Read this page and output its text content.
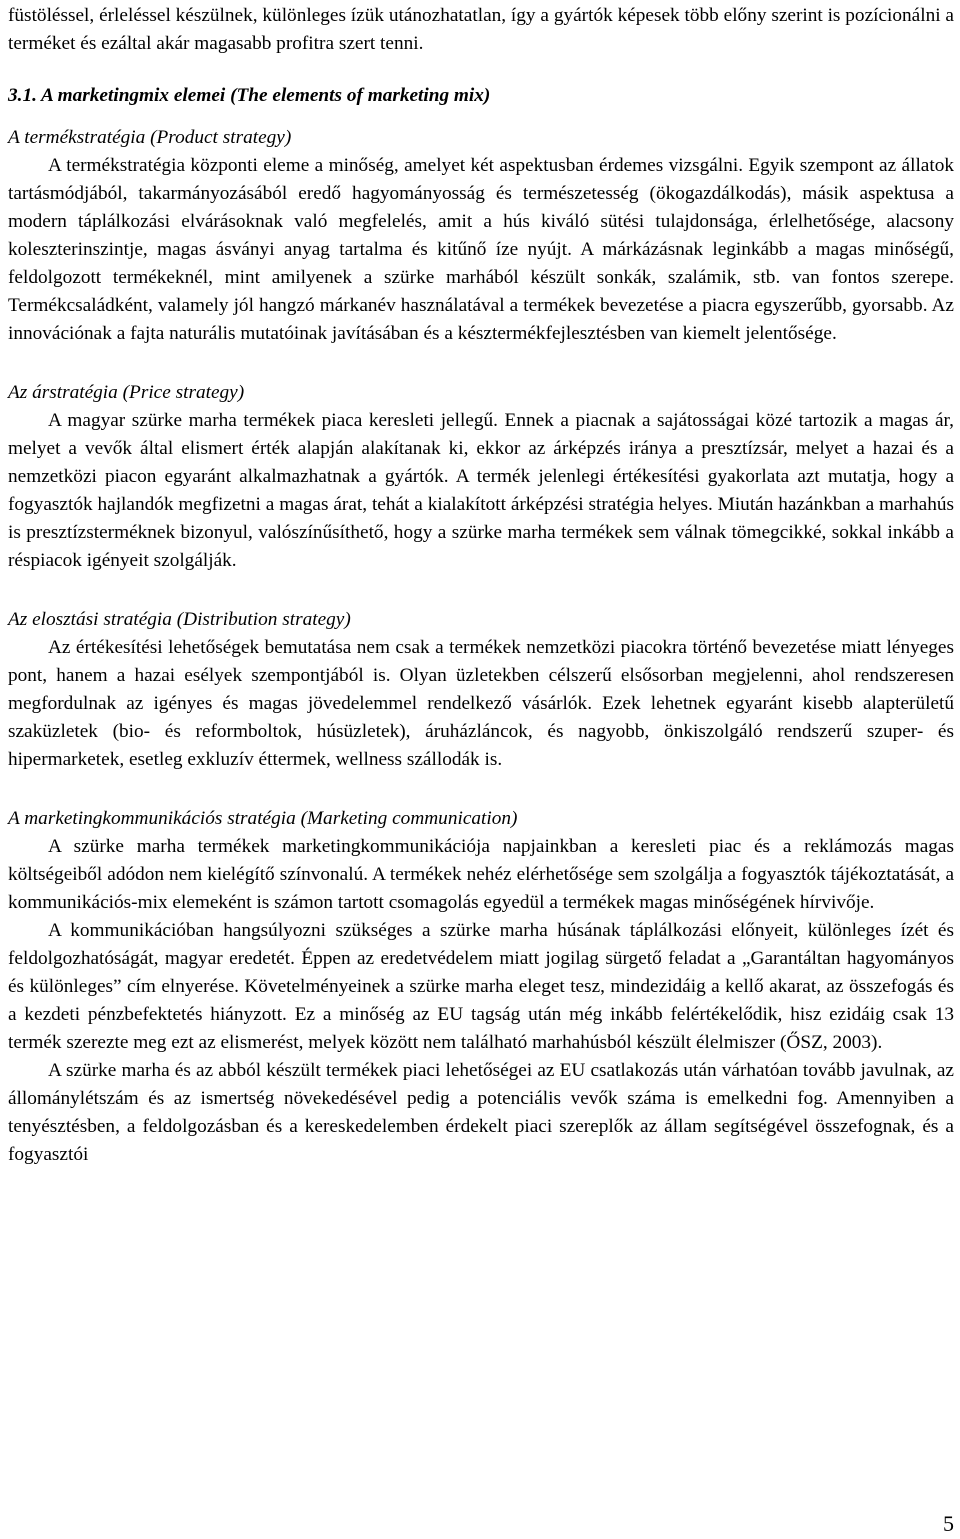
füstöléssel, érleléssel készülnek, különleges ízük utánozhatatlan, így a gyártók képesek több előny szerint is pozícionálni a terméket és ezáltal akár magasabb profitra szert tenni.

3.1. A marketingmix elemei (The elements of marketing mix)

A termékstratégia (Product strategy)

A termékstratégia központi eleme a minőség, amelyet két aspektusban érdemes vizsgálni. Egyik szempont az állatok tartásmódjából, takarmányozásából eredő hagyományosság és természetesség (ökogazdálkodás), másik aspektusa a modern táplálkozási elvárásoknak való megfelelés, amit a hús kiváló sütési tulajdonsága, érlelhetősége, alacsony koleszterinszintje, magas ásványi anyag tartalma és kitűnő íze nyújt. A márkázásnak leginkább a magas minőségű, feldolgozott termékeknél, mint amilyenek a szürke marhából készült sonkák, szalámik, stb. van fontos szerepe. Termékcsaládként, valamely jól hangzó márkanév használatával a termékek bevezetése a piacra egyszerűbb, gyorsabb. Az innovációnak a fajta naturális mutatóinak javításában és a késztermékfejlesztésben van kiemelt jelentősége.

Az árstratégia (Price strategy)

A magyar szürke marha termékek piaca keresleti jellegű. Ennek a piacnak a sajátosságai közé tartozik a magas ár, melyet a vevők által elismert érték alapján alakítanak ki, ekkor az árképzés iránya a presztízsár, melyet a hazai és a nemzetközi piacon egyaránt alkalmazhatnak a gyártók. A termék jelenlegi értékesítési gyakorlata azt mutatja, hogy a fogyasztók hajlandók megfizetni a magas árat, tehát a kialakított árképzési stratégia helyes. Miután hazánkban a marhahús is presztízsterméknek bizonyul, valószínűsíthető, hogy a szürke marha termékek sem válnak tömegcikké, sokkal inkább a réspiacok igényeit szolgálják.

Az elosztási stratégia (Distribution strategy)

Az értékesítési lehetőségek bemutatása nem csak a termékek nemzetközi piacokra történő bevezetése miatt lényeges pont, hanem a hazai esélyek szempontjából is. Olyan üzletekben célszerű elsősorban megjelenni, ahol rendszeresen megfordulnak az igényes és magas jövedelemmel rendelkező vásárlók. Ezek lehetnek egyaránt kisebb alapterületű szaküzletek (bio- és reformboltok, húsüzletek), áruházláncok, és nagyobb, önkiszolgáló rendszerű szuper- és hipermarketek, esetleg exkluzív éttermek, wellness szállodák is.

A marketingkommunikációs stratégia (Marketing communication)

A szürke marha termékek marketingkommunikációja napjainkban a keresleti piac és a reklámozás magas költségeiből adódon nem kielégítő színvonalú. A termékek nehéz elérhetősége sem szolgálja a fogyasztók tájékoztatását, a kommunikációs-mix elemeként is számon tartott csomagolás egyedül a termékek magas minőségének hírvivője.

A kommunikációban hangsúlyozni szükséges a szürke marha húsának táplálkozási előnyeit, különleges ízét és feldolgozhatóságát, magyar eredetét. Éppen az eredetvédelem miatt jogilag sürgető feladat a „Garantáltan hagyományos és különleges” cím elnyerése. Követelményeinek a szürke marha eleget tesz, mindezidáig a kellő akarat, az összefogás és a kezdeti pénzbefektetés hiányzott. Ez a minőség az EU tagság után még inkább felértékelődik, hisz ezidáig csak 13 termék szerezte meg ezt az elismerést, melyek között nem található marhahúsból készült élelmiszer (ŐSZ, 2003).

A szürke marha és az abból készült termékek piaci lehetőségei az EU csatlakozás után várhatóan tovább javulnak, az állománylétszám és az ismertség növekedésével pedig a potenciális vevők száma is emelkedni fog. Amennyiben a tenyésztésben, a feldolgozásban és a kereskedelemben érdekelt piaci szereplők az állam segítségével összefognak, és a fogyasztói

5
